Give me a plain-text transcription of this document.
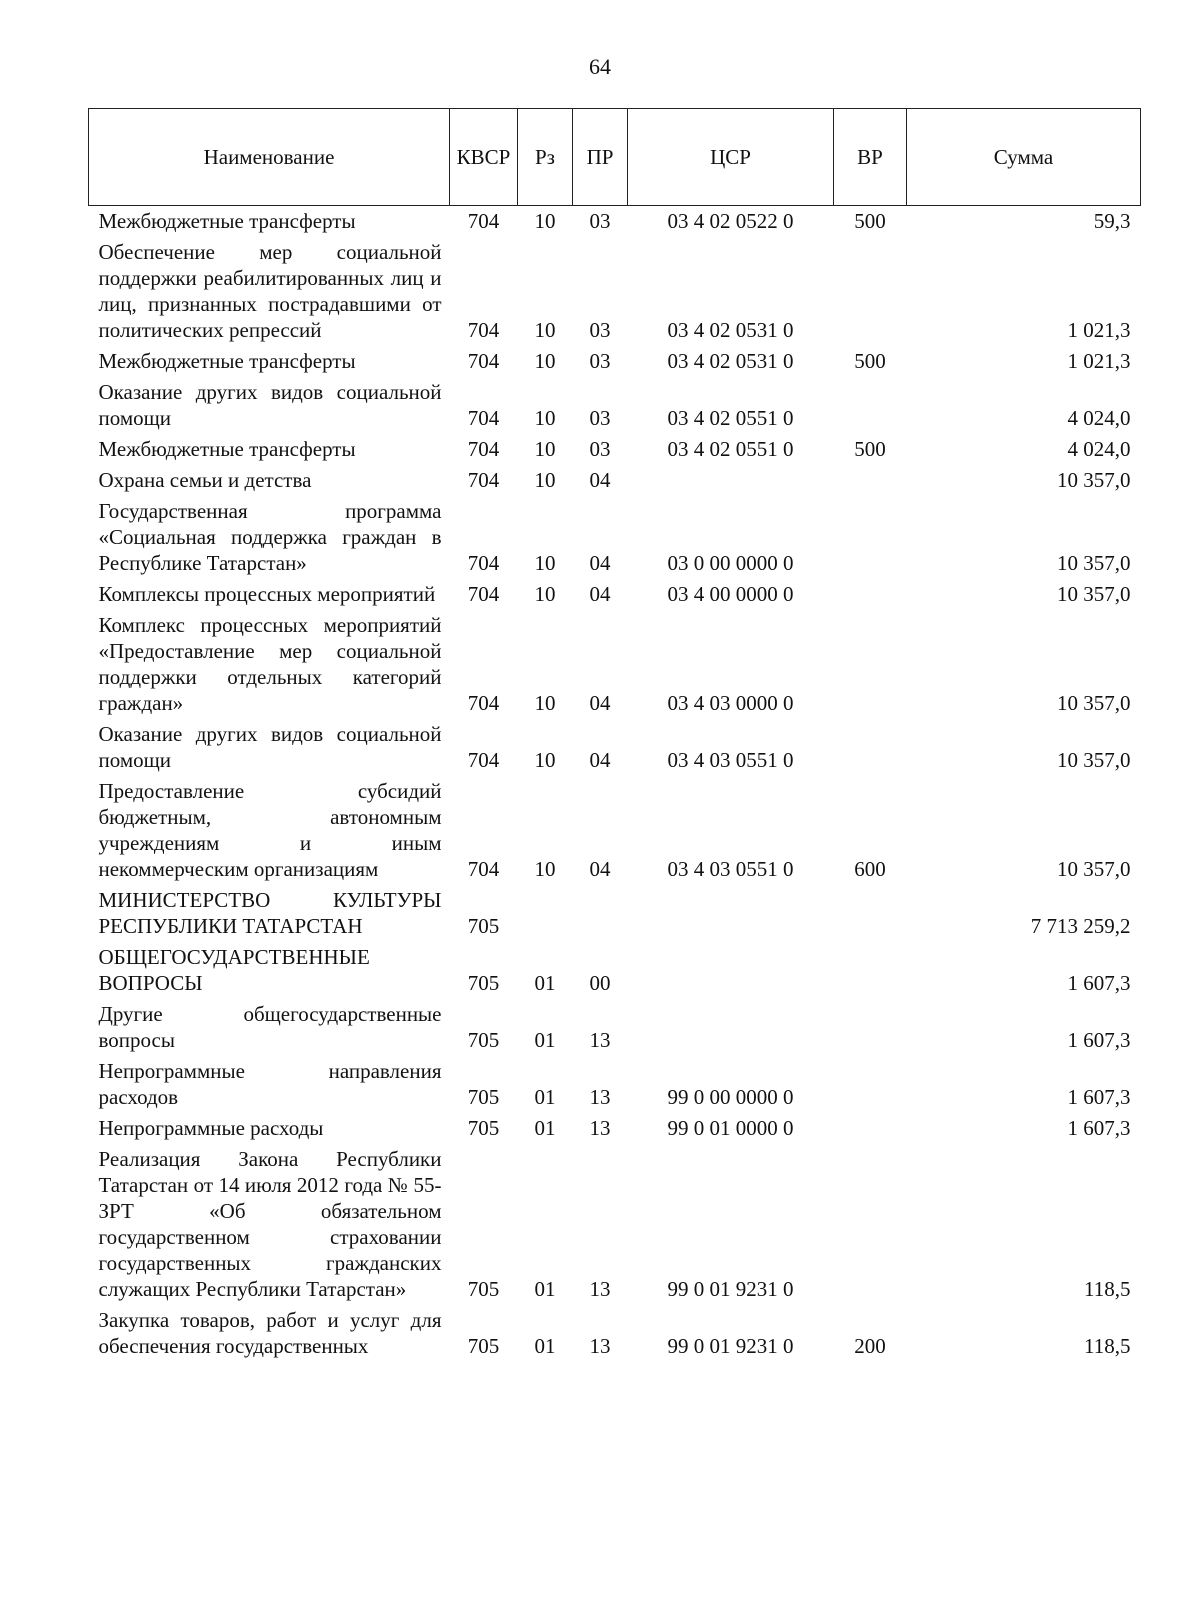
64
Наименование	КВСР	Рз	ПР	ЦСР	ВР	Сумма
Межбюджетные трансферты	704	10	03	03 4 02 0522 0	500	59,3
Обеспечение мер социальной поддержки реабилитированных лиц и лиц, признанных пострадавшими от политических репрессий	704	10	03	03 4 02 0531 0		1 021,3
Межбюджетные трансферты	704	10	03	03 4 02 0531 0	500	1 021,3
Оказание других видов социальной помощи	704	10	03	03 4 02 0551 0		4 024,0
Межбюджетные трансферты	704	10	03	03 4 02 0551 0	500	4 024,0
Охрана семьи и детства	704	10	04			10 357,0
Государственная программа «Социальная поддержка граждан в Республике Татарстан»	704	10	04	03 0 00 0000 0		10 357,0
Комплексы процессных мероприятий	704	10	04	03 4 00 0000 0		10 357,0
Комплекс процессных мероприятий «Предоставление мер социальной поддержки отдельных категорий граждан»	704	10	04	03 4 03 0000 0		10 357,0
Оказание других видов социальной помощи	704	10	04	03 4 03 0551 0		10 357,0
Предоставление субсидий бюджетным, автономным учреждениям и иным некоммерческим организациям	704	10	04	03 4 03 0551 0	600	10 357,0
МИНИСТЕРСТВО КУЛЬТУРЫ РЕСПУБЛИКИ ТАТАРСТАН	705					7 713 259,2
ОБЩЕГОСУДАРСТВЕННЫЕ ВОПРОСЫ	705	01	00			1 607,3
Другие общегосударственные вопросы	705	01	13			1 607,3
Непрограммные направления расходов	705	01	13	99 0 00 0000 0		1 607,3
Непрограммные расходы	705	01	13	99 0 01 0000 0		1 607,3
Реализация Закона Республики Татарстан от 14 июля 2012 года № 55-ЗРТ «Об обязательном государственном страховании государственных гражданских служащих Республики Татарстан»	705	01	13	99 0 01 9231 0		118,5
Закупка товаров, работ и услуг для обеспечения государственных	705	01	13	99 0 01 9231 0	200	118,5
